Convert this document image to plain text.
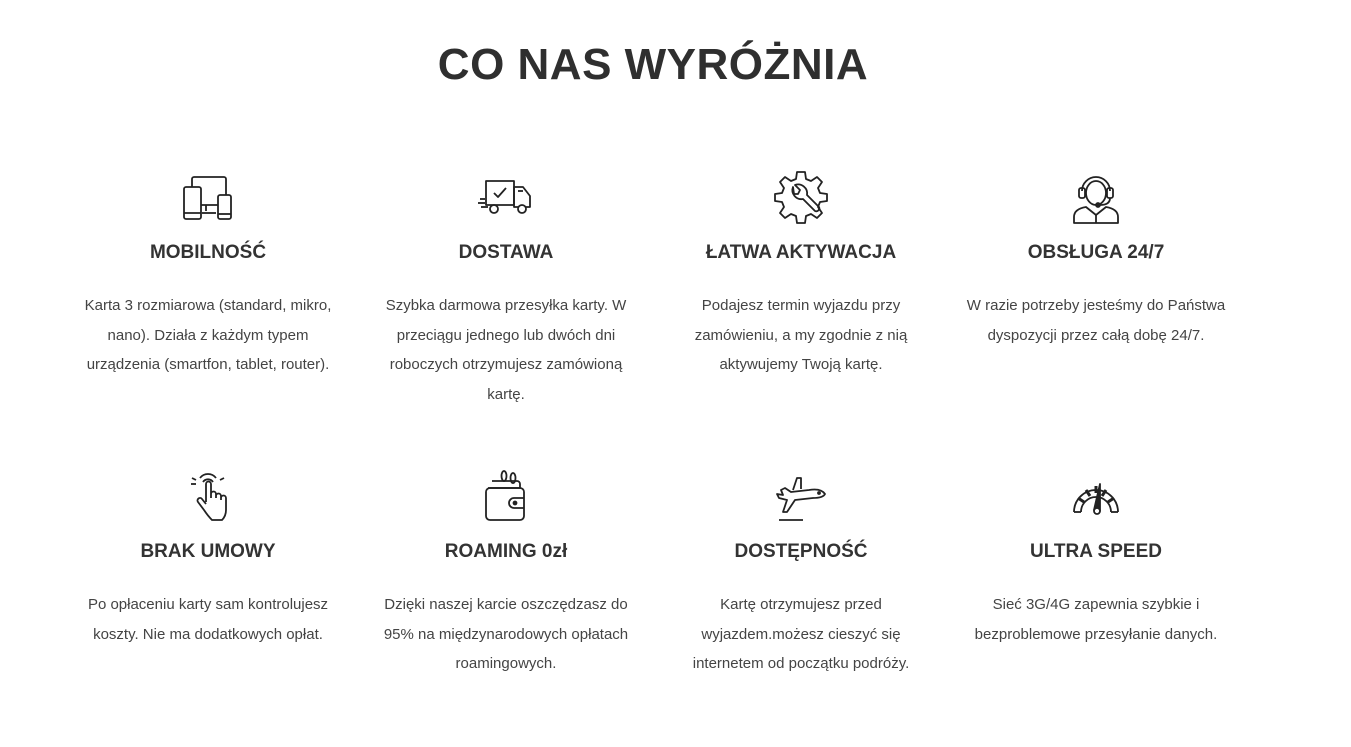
CO NAS WYRÓŻNIA
MOBILNOŚĆ

Karta 3 rozmiarowa (standard, mikro, nano). Działa z każdym typem urządzenia (smartfon, tablet, router).

DOSTAWA

Szybka darmowa przesyłka karty. W przeciągu jednego lub dwóch dni roboczych otrzymujesz zamówioną kartę.

ŁATWA AKTYWACJA

Podajesz termin wyjazdu przy zamówieniu, a my zgodnie z nią aktywujemy Twoją kartę.

OBSŁUGA 24/7

W razie potrzeby jesteśmy do Państwa dyspozycji przez całą dobę 24/7.

BRAK UMOWY

Po opłaceniu karty sam kontrolujesz koszty. Nie ma dodatkowych opłat.

ROAMING 0zł

Dzięki naszej karcie oszczędzasz do 95% na międzynarodowych opłatach roamingowych.

DOSTĘPNOŚĆ

Kartę otrzymujesz przed wyjazdem.możesz cieszyć się internetem od początku podróży.

ULTRA SPEED

Sieć 3G/4G zapewnia szybkie i bezproblemowe przesyłanie danych.
